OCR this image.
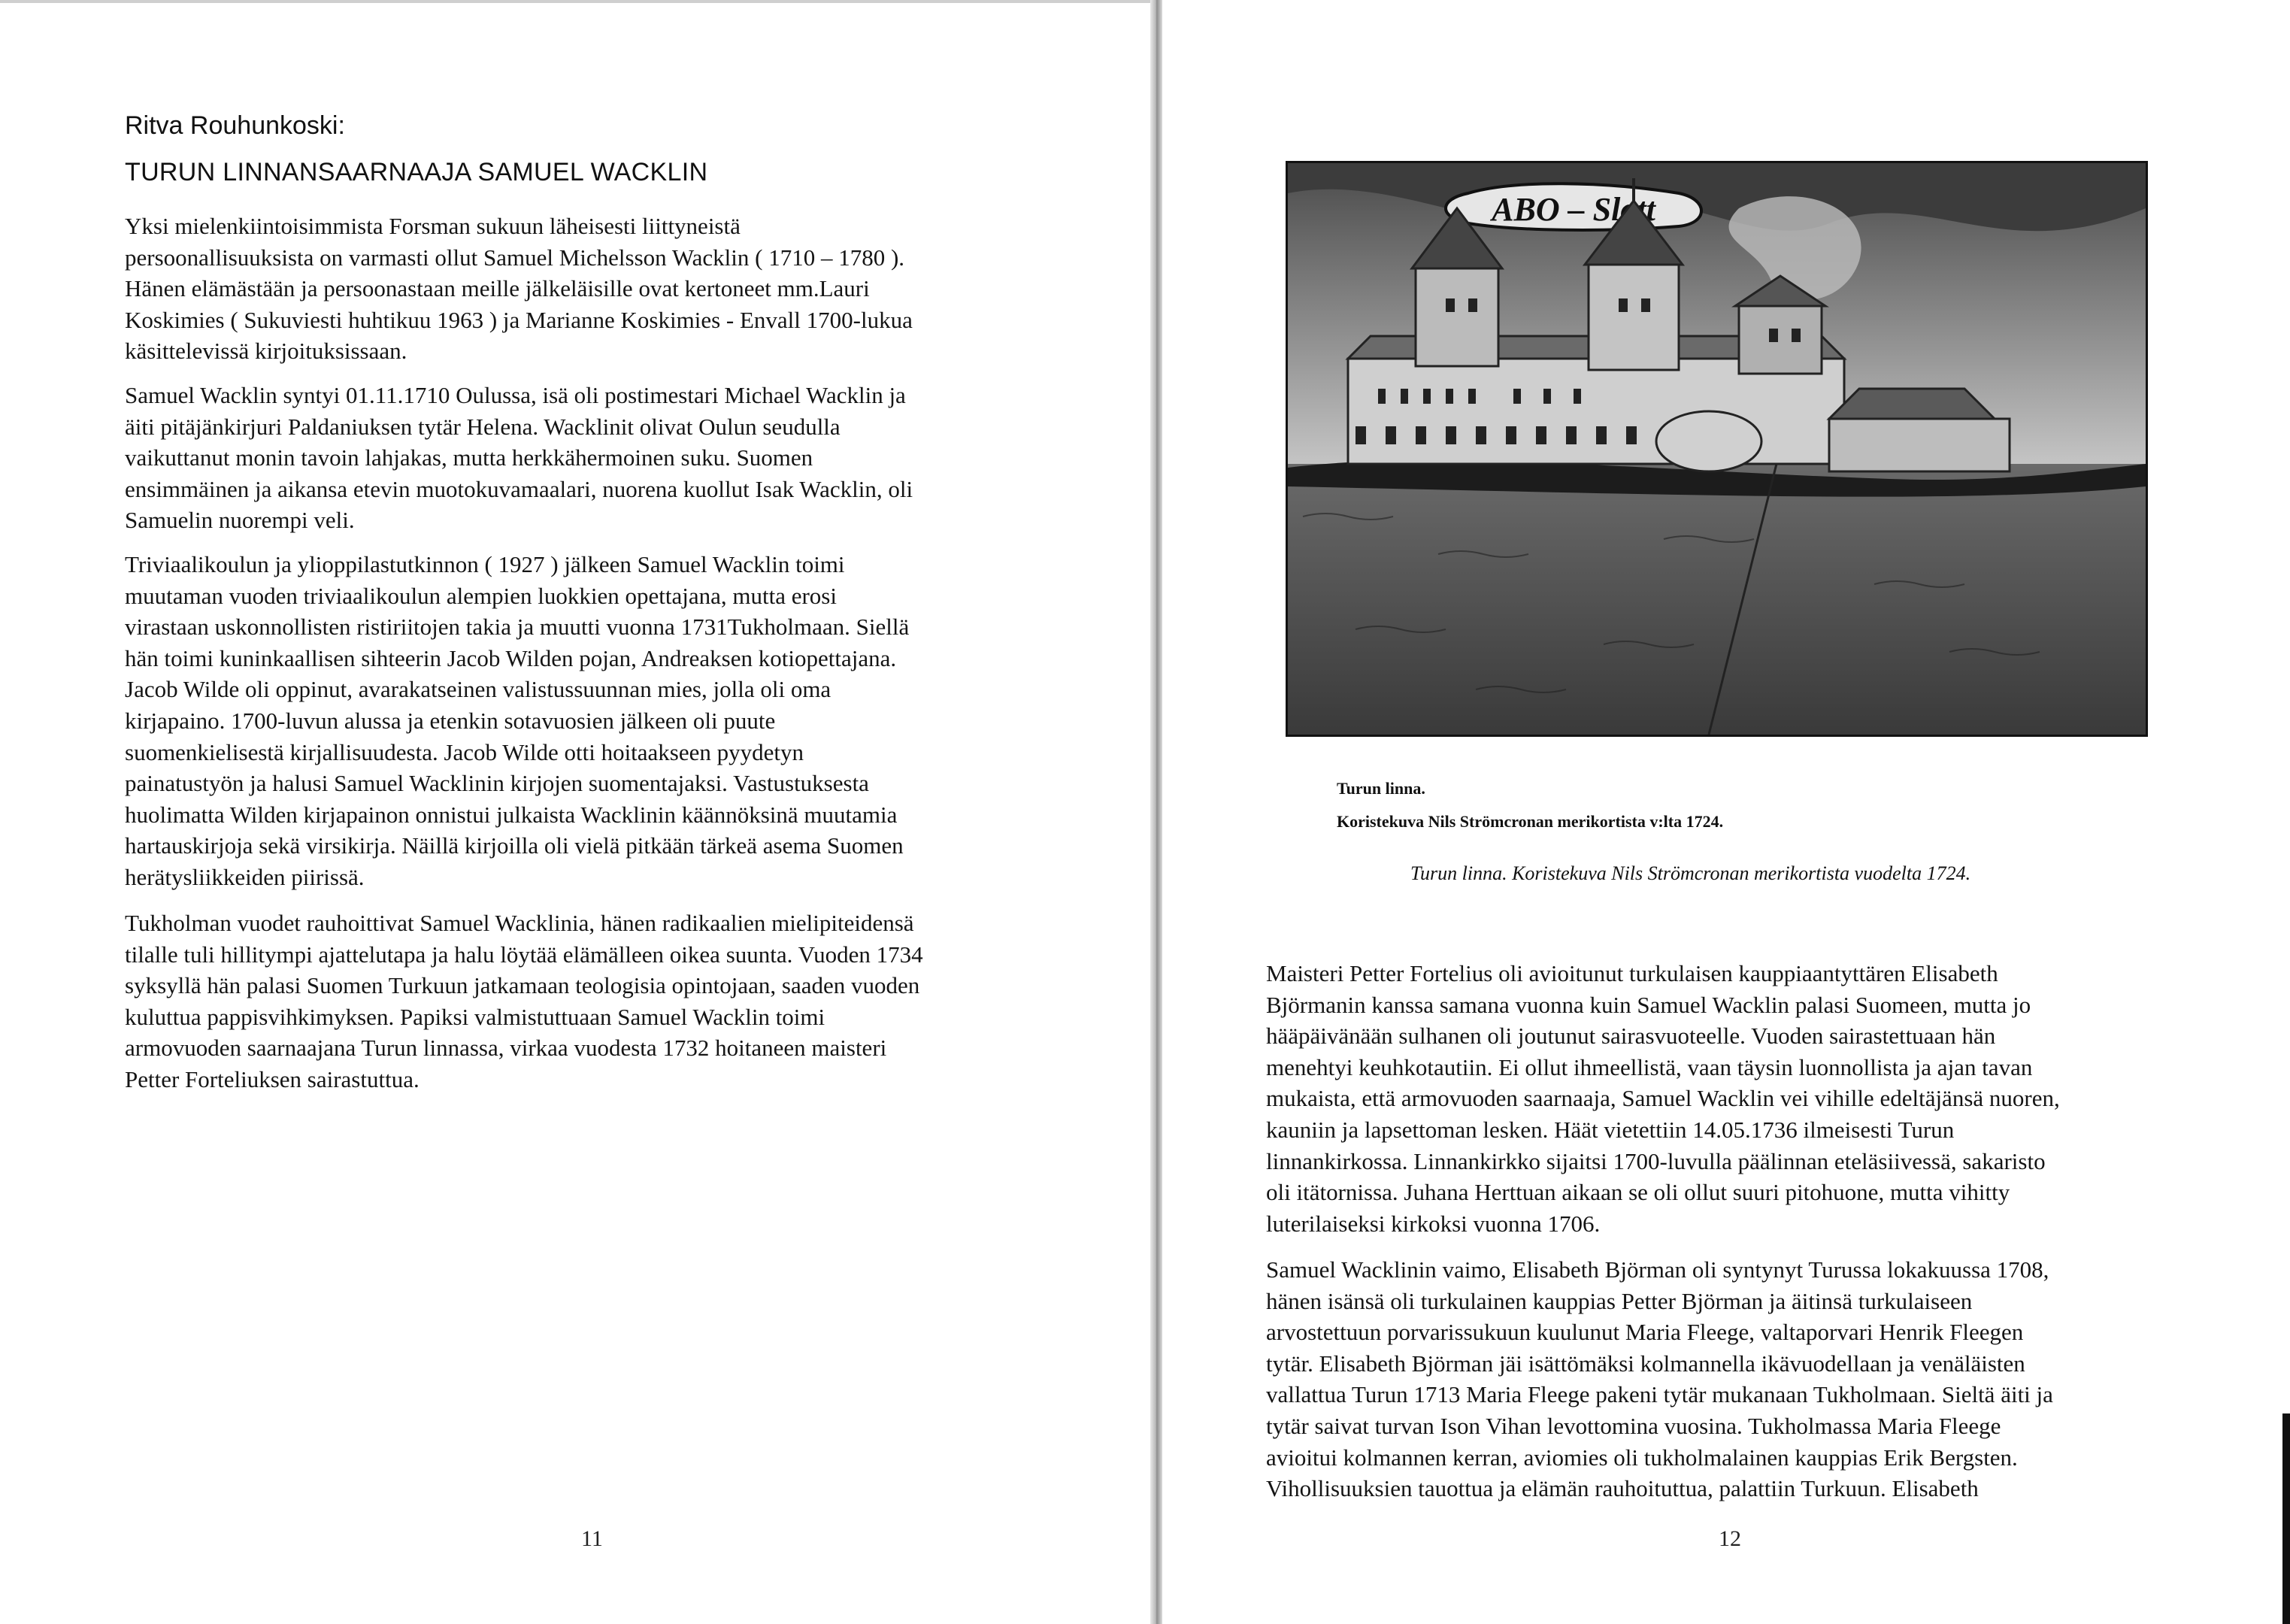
Ritva Rouhunkoski:
TURUN LINNANSAARNAAJA SAMUEL WACKLIN
Yksi mielenkiintoisimmista Forsman sukuun läheisesti liittyneistä
persoonallisuuksista on varmasti ollut Samuel Michelsson Wacklin ( 1710 – 1780 ).
Hänen elämästään ja persoonastaan meille jälkeläisille ovat kertoneet mm.Lauri
Koskimies ( Sukuviesti huhtikuu 1963 ) ja Marianne Koskimies - Envall 1700-lukua
käsittelevissä kirjoituksissaan.
Samuel Wacklin syntyi 01.11.1710 Oulussa, isä oli postimestari Michael Wacklin ja
äiti pitäjänkirjuri Paldaniuksen tytär Helena. Wacklinit olivat Oulun seudulla
vaikuttanut monin tavoin lahjakas, mutta herkkähermoinen suku. Suomen
ensimmäinen ja aikansa etevin muotokuvamaalari, nuorena kuollut Isak Wacklin, oli
Samuelin nuorempi veli.
Triviaalikoulun ja ylioppilastutkinnon ( 1927 ) jälkeen Samuel Wacklin toimi
muutaman vuoden triviaalikoulun alempien luokkien opettajana, mutta erosi
virastaan uskonnollisten ristiriitojen takia ja muutti vuonna 1731Tukholmaan. Siellä
hän toimi kuninkaallisen sihteerin Jacob Wilden pojan, Andreaksen kotiopettajana.
Jacob Wilde oli oppinut, avarakatseinen valistussuunnan mies, jolla oli oma
kirjapaino. 1700-luvun alussa ja etenkin sotavuosien jälkeen oli puute
suomenkielisestä kirjallisuudesta. Jacob Wilde otti hoitaakseen pyydetyn
painatustyön ja halusi Samuel Wacklinin kirjojen suomentajaksi. Vastustuksesta
huolimatta Wilden kirjapainon onnistui julkaista Wacklinin käännöksinä muutamia
hartauskirjoja sekä virsikirja. Näillä kirjoilla oli vielä pitkään tärkeä asema Suomen
herätysliikkeiden piirissä.
Tukholman vuodet rauhoittivat Samuel Wacklinia, hänen radikaalien mielipiteidensä
tilalle tuli hillitympi ajattelutapa ja halu löytää elämälleen oikea suunta. Vuoden 1734
syksyllä hän palasi Suomen Turkuun jatkamaan teologisia opintojaan, saaden vuoden
kuluttua pappisvihkimyksen. Papiksi valmistuttuaan Samuel Wacklin toimi
armovuoden saarnaajana Turun linnassa, virkaa vuodesta 1732 hoitaneen maisteri
Petter Forteliuksen sairastuttua.
11
ABO – Slott
Turun linna.
Koristekuva Nils Strömcronan merikortista v:lta 1724.
Turun linna. Koristekuva Nils Strömcronan merikortista vuodelta 1724.
Maisteri Petter Fortelius oli avioitunut turkulaisen kauppiaantyttären Elisabeth
Björmanin kanssa samana vuonna kuin Samuel Wacklin palasi Suomeen, mutta jo
hääpäivänään sulhanen oli joutunut sairasvuoteelle. Vuoden sairastettuaan hän
menehtyi keuhkotautiin. Ei ollut ihmeellistä, vaan täysin luonnollista ja ajan tavan
mukaista, että armovuoden saarnaaja, Samuel Wacklin vei vihille edeltäjänsä nuoren,
kauniin ja lapsettoman lesken. Häät vietettiin 14.05.1736 ilmeisesti Turun
linnankirkossa. Linnankirkko sijaitsi 1700-luvulla päälinnan eteläsiivessä, sakaristo
oli itätornissa. Juhana Herttuan aikaan se oli ollut suuri pitohuone, mutta vihitty
luterilaiseksi kirkoksi vuonna 1706.
Samuel Wacklinin vaimo, Elisabeth Björman oli syntynyt Turussa lokakuussa 1708,
hänen isänsä oli turkulainen kauppias Petter Björman ja äitinsä turkulaiseen
arvostettuun porvarissukuun kuulunut Maria Fleege, valtaporvari Henrik Fleegen
tytär. Elisabeth Björman jäi isättömäksi kolmannella ikävuodellaan ja venäläisten
vallattua Turun 1713 Maria Fleege pakeni tytär mukanaan Tukholmaan. Sieltä äiti ja
tytär saivat turvan Ison Vihan levottomina vuosina. Tukholmassa Maria Fleege
avioitui kolmannen kerran, aviomies oli tukholmalainen kauppias Erik Bergsten.
Vihollisuuksien tauottua ja elämän rauhoituttua, palattiin Turkuun. Elisabeth
12
